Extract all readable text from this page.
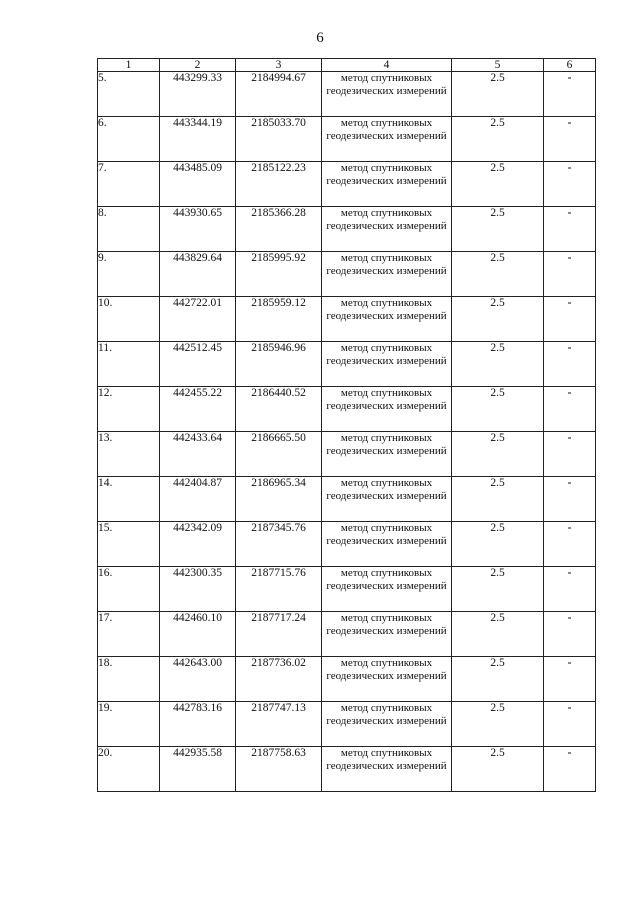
6
1	2	3	4	5	6
5.	443299.33	2184994.67	метод спутниковых геодезических измерений	2.5	-
6.	443344.19	2185033.70	метод спутниковых геодезических измерений	2.5	-
7.	443485.09	2185122.23	метод спутниковых геодезических измерений	2.5	-
8.	443930.65	2185366.28	метод спутниковых геодезических измерений	2.5	-
9.	443829.64	2185995.92	метод спутниковых геодезических измерений	2.5	-
10.	442722.01	2185959.12	метод спутниковых геодезических измерений	2.5	-
11.	442512.45	2185946.96	метод спутниковых геодезических измерений	2.5	-
12.	442455.22	2186440.52	метод спутниковых геодезических измерений	2.5	-
13.	442433.64	2186665.50	метод спутниковых геодезических измерений	2.5	-
14.	442404.87	2186965.34	метод спутниковых геодезических измерений	2.5	-
15.	442342.09	2187345.76	метод спутниковых геодезических измерений	2.5	-
16.	442300.35	2187715.76	метод спутниковых геодезических измерений	2.5	-
17.	442460.10	2187717.24	метод спутниковых геодезических измерений	2.5	-
18.	442643.00	2187736.02	метод спутниковых геодезических измерений	2.5	-
19.	442783.16	2187747.13	метод спутниковых геодезических измерений	2.5	-
20.	442935.58	2187758.63	метод спутниковых геодезических измерений	2.5	-
